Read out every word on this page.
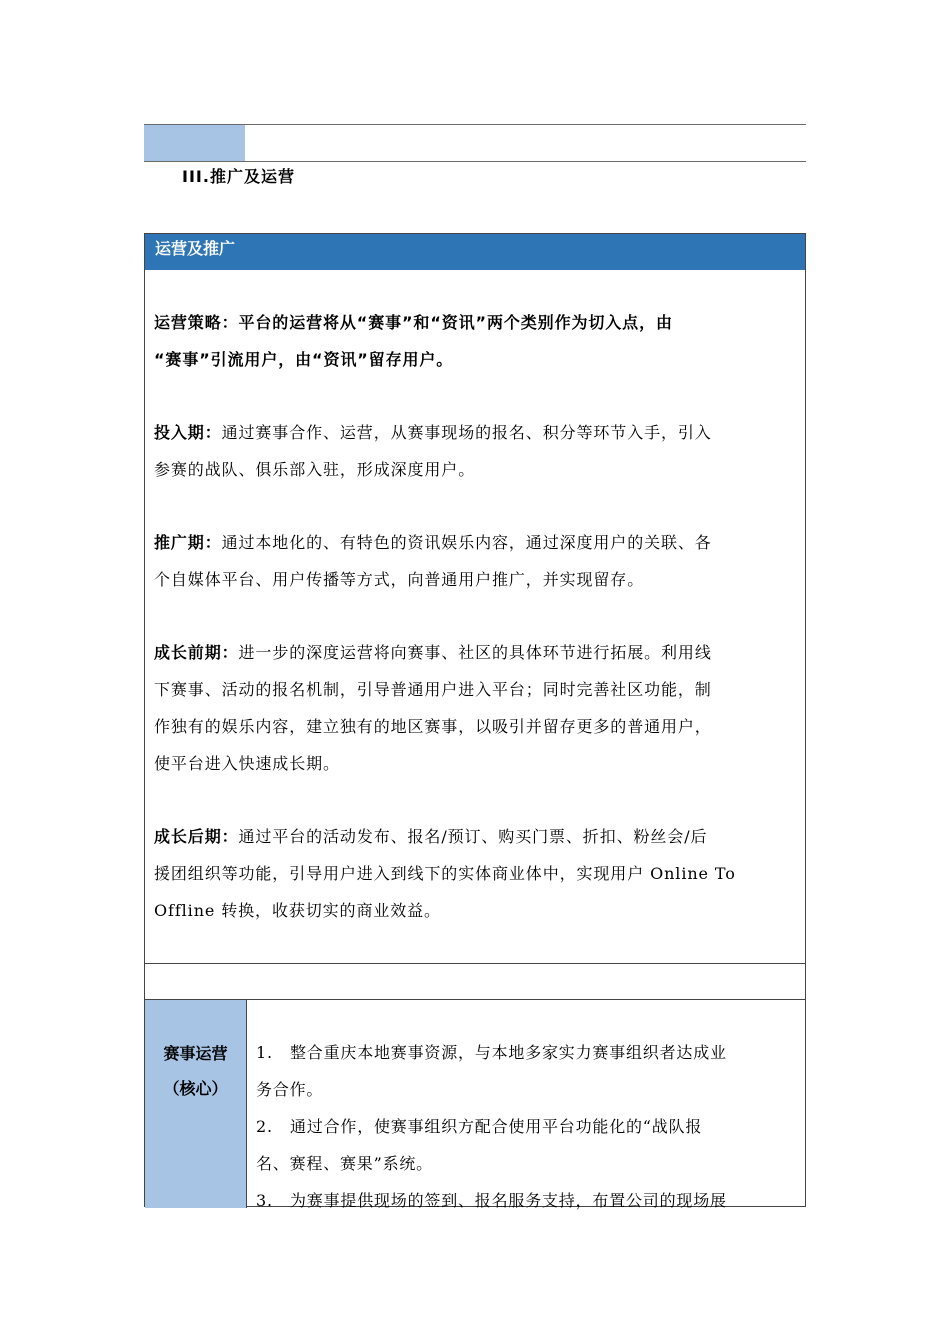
III.推广及运营
运营及推广

运营策略：平台的运营将从“赛事”和“资讯”两个类别作为切入点，由

“赛事”引流用户，由“资讯”留存用户。

投入期：通过赛事合作、运营，从赛事现场的报名、积分等环节入手，引入

参赛的战队、俱乐部入驻，形成深度用户。

推广期：通过本地化的、有特色的资讯娱乐内容，通过深度用户的关联、各

个自媒体平台、用户传播等方式，向普通用户推广，并实现留存。

成长前期：进一步的深度运营将向赛事、社区的具体环节进行拓展。利用线

下赛事、活动的报名机制，引导普通用户进入平台；同时完善社区功能，制

作独有的娱乐内容，建立独有的地区赛事，以吸引并留存更多的普通用户，

使平台进入快速成长期。

成长后期：通过平台的活动发布、报名/预订、购买门票、折扣、粉丝会/后

援团组织等功能，引导用户进入到线下的实体商业体中，实现用户 Online To

Offline 转换，收获切实的商业效益。

赛事运营
（核心）
1. 整合重庆本地赛事资源，与本地多家实力赛事组织者达成业
务合作。
2. 通过合作，使赛事组织方配合使用平台功能化的“战队报
名、赛程、赛果”系统。
3. 为赛事提供现场的签到、报名服务支持，布置公司的现场展
